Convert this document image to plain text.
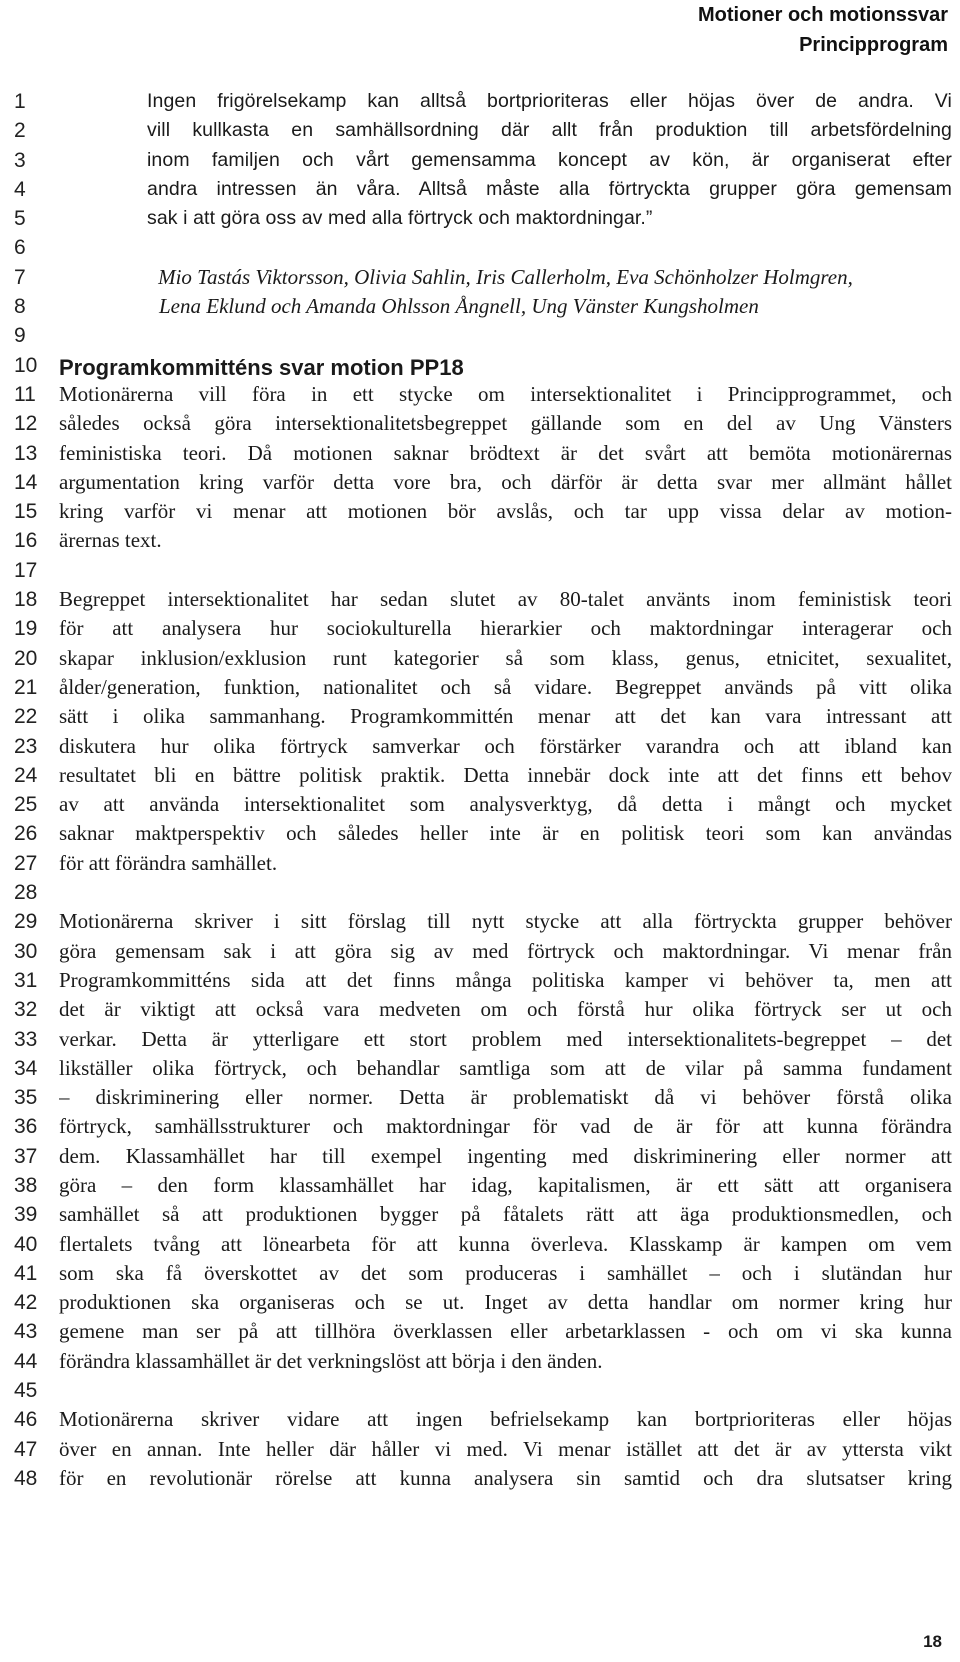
Motioner och motionssvar
Principprogram
1
2
3
4
5
6
7
8
9
10
11
12
13
14
15
16
17
18
19
20
21
22
23
24
25
26
27
28
29
30
31
32
33
34
35
36
37
38
39
40
41
42
43
44
45
46
47
48
Ingen frigörelsekamp kan alltså bortprioriteras eller höjas över de andra. Vi
vill kullkasta en samhällsordning där allt från produktion till arbetsfördelning
inom familjen och vårt gemensamma koncept av kön, är organiserat efter
andra intressen än våra. Alltså måste alla förtryckta grupper göra gemensam
sak i att göra oss av med alla förtryck och maktordningar.”
Mio Tastás Viktorsson, Olivia Sahlin, Iris Callerholm, Eva Schönholzer Holmgren,
Lena Eklund och Amanda Ohlsson Ångnell, Ung Vänster Kungsholmen
Programkommitténs svar motion PP18
Motionärerna vill föra in ett stycke om intersektionalitet i Principprogrammet, och
således också göra intersektionalitetsbegreppet gällande som en del av Ung Vänsters
feministiska teori. Då motionen saknar brödtext är det svårt att bemöta motionärernas
argumentation kring varför detta vore bra, och därför är detta svar mer allmänt hållet
kring varför vi menar att motionen bör avslås, och tar upp vissa delar av motion-
ärernas text.
Begreppet intersektionalitet har sedan slutet av 80-talet använts inom feministisk teori
för att analysera hur sociokulturella hierarkier och maktordningar interagerar och
skapar inklusion/exklusion runt kategorier så som klass, genus, etnicitet, sexualitet,
ålder/generation, funktion, nationalitet och så vidare. Begreppet används på vitt olika
sätt i olika sammanhang. Programkommittén menar att det kan vara intressant att
diskutera hur olika förtryck samverkar och förstärker varandra och att ibland kan
resultatet bli en bättre politisk praktik. Detta innebär dock inte att det finns ett behov
av att använda intersektionalitet som analysverktyg, då detta i mångt och mycket
saknar maktperspektiv och således heller inte är en politisk teori som kan användas
för att förändra samhället.
Motionärerna skriver i sitt förslag till nytt stycke att alla förtryckta grupper behöver
göra gemensam sak i att göra sig av med förtryck och maktordningar. Vi menar från
Programkommitténs sida att det finns många politiska kamper vi behöver ta, men att
det är viktigt att också vara medveten om och förstå hur olika förtryck ser ut och
verkar. Detta är ytterligare ett stort problem med intersektionalitets-begreppet – det
likställer olika förtryck, och behandlar samtliga som att de vilar på samma fundament
– diskriminering eller normer. Detta är problematiskt då vi behöver förstå olika
förtryck, samhällsstrukturer och maktordningar för vad de är för att kunna förändra
dem. Klassamhället har till exempel ingenting med diskriminering eller normer att
göra – den form klassamhället har idag, kapitalismen, är ett sätt att organisera
samhället så att produktionen bygger på fåtalets rätt att äga produktionsmedlen, och
flertalets tvång att lönearbeta för att kunna överleva. Klasskamp är kampen om vem
som ska få överskottet av det som produceras i samhället – och i slutändan hur
produktionen ska organiseras och se ut. Inget av detta handlar om normer kring hur
gemene man ser på att tillhöra överklassen eller arbetarklassen - och om vi ska kunna
förändra klassamhället är det verkningslöst att börja i den änden.
Motionärerna skriver vidare att ingen befrielsekamp kan bortprioriteras eller höjas
över en annan. Inte heller där håller vi med. Vi menar istället att det är av yttersta vikt
för en revolutionär rörelse att kunna analysera sin samtid och dra slutsatser kring
18
